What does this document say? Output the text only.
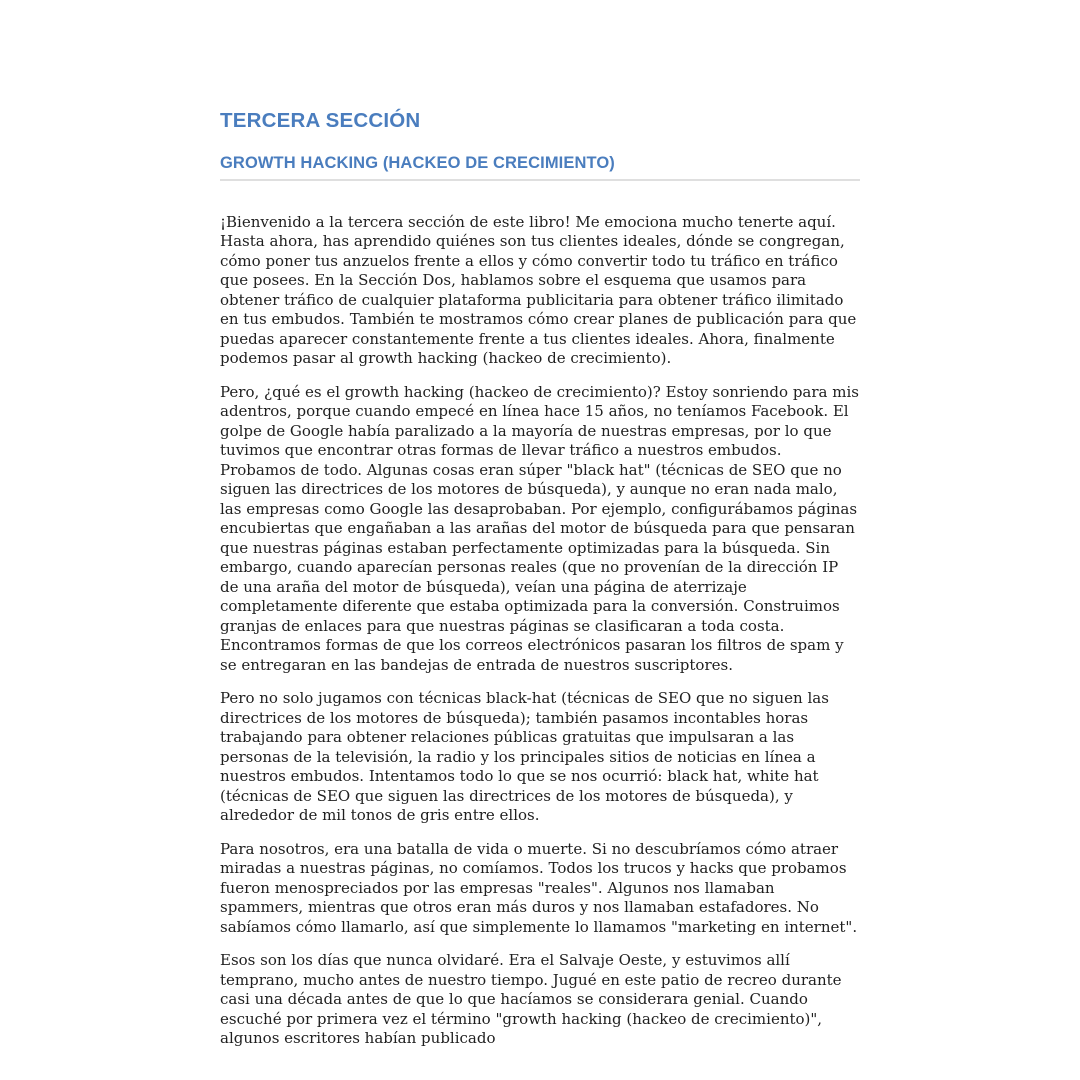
TERCERA SECCIÓN
GROWTH HACKING (HACKEO DE CRECIMIENTO)

¡Bienvenido a la tercera sección de este libro! Me emociona mucho tenerte aquí. Hasta ahora, has aprendido quiénes son tus clientes ideales, dónde se congregan, cómo poner tus anzuelos frente a ellos y cómo convertir todo tu tráfico en tráfico que posees. En la Sección Dos, hablamos sobre el esquema que usamos para obtener tráfico de cualquier plataforma publicitaria para obtener tráfico ilimitado en tus embudos. También te mostramos cómo crear planes de publicación para que puedas aparecer constantemente frente a tus clientes ideales. Ahora, finalmente podemos pasar al growth hacking (hackeo de crecimiento).

Pero, ¿qué es el growth hacking (hackeo de crecimiento)? Estoy sonriendo para mis adentros, porque cuando empecé en línea hace 15 años, no teníamos Facebook. El golpe de Google había paralizado a la mayoría de nuestras empresas, por lo que tuvimos que encontrar otras formas de llevar tráfico a nuestros embudos. Probamos de todo. Algunas cosas eran súper "black hat" (técnicas de SEO que no siguen las directrices de los motores de búsqueda), y aunque no eran nada malo, las empresas como Google las desaprobaban. Por ejemplo, configurábamos páginas encubiertas que engañaban a las arañas del motor de búsqueda para que pensaran que nuestras páginas estaban perfectamente optimizadas para la búsqueda. Sin embargo, cuando aparecían personas reales (que no provenían de la dirección IP de una araña del motor de búsqueda), veían una página de aterrizaje completamente diferente que estaba optimizada para la conversión. Construimos granjas de enlaces para que nuestras páginas se clasificaran a toda costa. Encontramos formas de que los correos electrónicos pasaran los filtros de spam y se entregaran en las bandejas de entrada de nuestros suscriptores.

Pero no solo jugamos con técnicas black-hat (técnicas de SEO que no siguen las directrices de los motores de búsqueda); también pasamos incontables horas trabajando para obtener relaciones públicas gratuitas que impulsaran a las personas de la televisión, la radio y los principales sitios de noticias en línea a nuestros embudos. Intentamos todo lo que se nos ocurrió: black hat, white hat (técnicas de SEO que siguen las directrices de los motores de búsqueda), y alrededor de mil tonos de gris entre ellos.

Para nosotros, era una batalla de vida o muerte. Si no descubríamos cómo atraer miradas a nuestras páginas, no comíamos. Todos los trucos y hacks que probamos fueron menospreciados por las empresas "reales". Algunos nos llamaban spammers, mientras que otros eran más duros y nos llamaban estafadores. No sabíamos cómo llamarlo, así que simplemente lo llamamos "marketing en internet".

Esos son los días que nunca olvidaré. Era el Salvaje Oeste, y estuvimos allí temprano, mucho antes de nuestro tiempo. Jugué en este patio de recreo durante casi una década antes de que lo que hacíamos se considerara genial. Cuando escuché por primera vez el término "growth hacking (hackeo de crecimiento)", algunos escritores habían publicado
